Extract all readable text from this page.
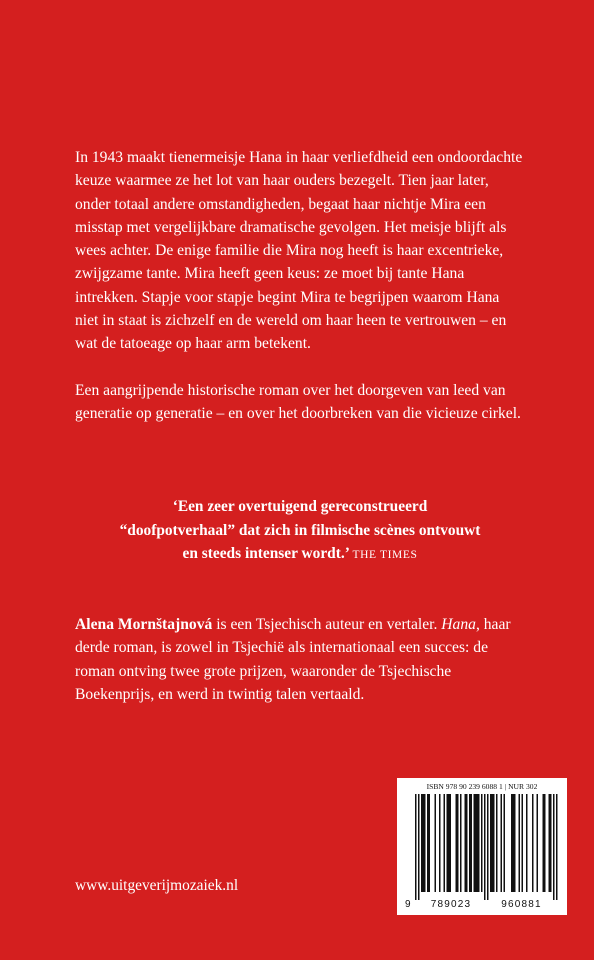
In 1943 maakt tienermeisje Hana in haar verliefdheid een ondoordachte keuze waarmee ze het lot van haar ouders bezegelt. Tien jaar later, onder totaal andere omstandigheden, begaat haar nichtje Mira een misstap met vergelijkbare dramatische gevolgen. Het meisje blijft als wees achter. De enige familie die Mira nog heeft is haar excentrieke, zwijgzame tante. Mira heeft geen keus: ze moet bij tante Hana intrekken. Stapje voor stapje begint Mira te begrijpen waarom Hana niet in staat is zichzelf en de wereld om haar heen te vertrouwen – en wat de tatoeage op haar arm betekent.

Een aangrijpende historische roman over het doorgeven van leed van generatie op generatie – en over het doorbreken van die vicieuze cirkel.

‘Een zeer overtuigend gereconstrueerd
“doofpotverhaal” dat zich in filmische scènes ontvouwt
en steeds intenser wordt.’ THE TIMES

Alena Mornštajnová is een Tsjechisch auteur en vertaler. Hana, haar derde roman, is zowel in Tsjechië als internationaal een succes: de roman ontving twee grote prijzen, waaronder de Tsjechische Boekenprijs, en werd in twintig talen vertaald.

www.uitgeverijmozaiek.nl
ISBN 978 90 239 6088 1 | NUR 302
9 789023	960881
